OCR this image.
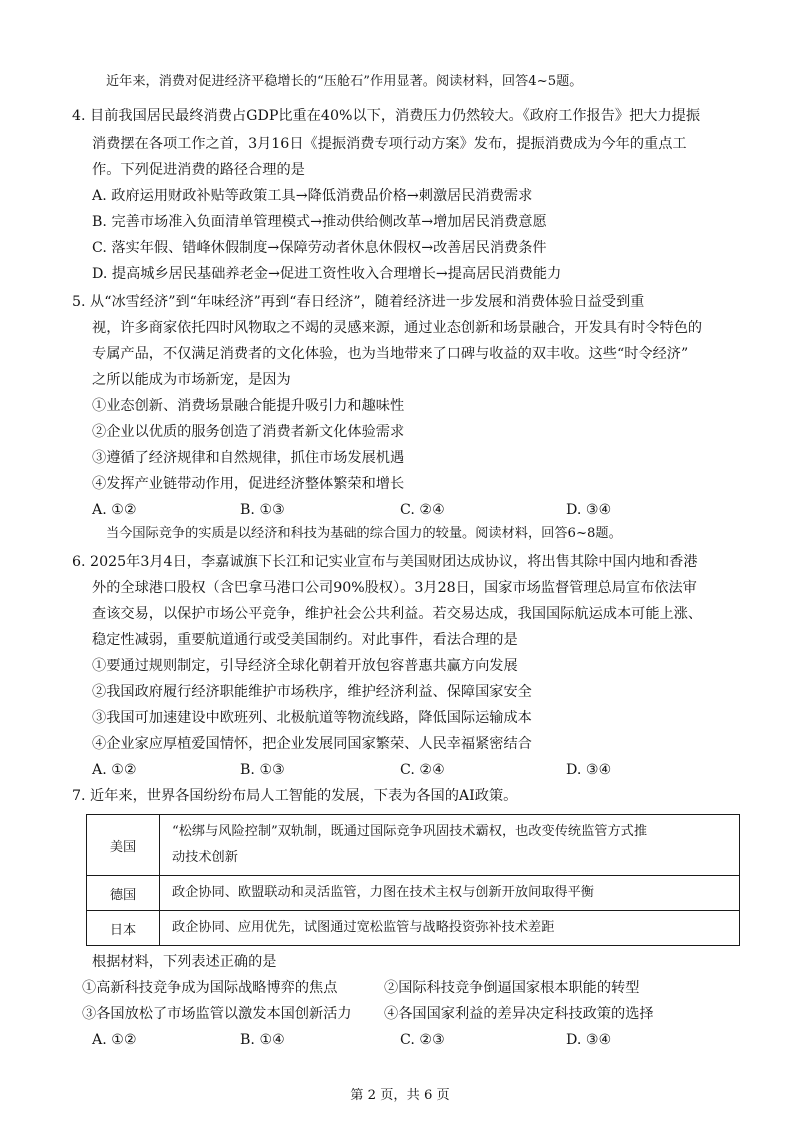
近年来，消费对促进经济平稳增长的“压舱石”作用显著。阅读材料，回答4~5题。
4. 目前我国居民最终消费占GDP比重在40%以下，消费压力仍然较大。《政府工作报告》把大力提振
消费摆在各项工作之首，3月16日《提振消费专项行动方案》发布，提振消费成为今年的重点工
作。下列促进消费的路径合理的是
A. 政府运用财政补贴等政策工具→降低消费品价格→刺激居民消费需求
B. 完善市场准入负面清单管理模式→推动供给侧改革→增加居民消费意愿
C. 落实年假、错峰休假制度→保障劳动者休息休假权→改善居民消费条件
D. 提高城乡居民基础养老金→促进工资性收入合理增长→提高居民消费能力
5. 从“冰雪经济”到“年味经济”再到“春日经济”，随着经济进一步发展和消费体验日益受到重
视，许多商家依托四时风物取之不竭的灵感来源，通过业态创新和场景融合，开发具有时令特色的
专属产品，不仅满足消费者的文化体验，也为当地带来了口碑与收益的双丰收。这些“时令经济”
之所以能成为市场新宠，是因为
①业态创新、消费场景融合能提升吸引力和趣味性
②企业以优质的服务创造了消费者新文化体验需求
③遵循了经济规律和自然规律，抓住市场发展机遇
④发挥产业链带动作用，促进经济整体繁荣和增长
A. ①②	B. ①③	C. ②④	D. ③④
当今国际竞争的实质是以经济和科技为基础的综合国力的较量。阅读材料，回答6~8题。
6. 2025年3月4日，李嘉诚旗下长江和记实业宣布与美国财团达成协议，将出售其除中国内地和香港
外的全球港口股权（含巴拿马港口公司90%股权）。3月28日，国家市场监督管理总局宣布依法审
查该交易，以保护市场公平竞争，维护社会公共利益。若交易达成，我国国际航运成本可能上涨、
稳定性减弱，重要航道通行或受美国制约。对此事件，看法合理的是
①要通过规则制定，引导经济全球化朝着开放包容普惠共赢方向发展
②我国政府履行经济职能维护市场秩序，维护经济利益、保障国家安全
③我国可加速建设中欧班列、北极航道等物流线路，降低国际运输成本
④企业家应厚植爱国情怀，把企业发展同国家繁荣、人民幸福紧密结合
A. ①②	B. ①③	C. ②④	D. ③④
7. 近年来，世界各国纷纷布局人工智能的发展，下表为各国的AI政策。
美国	“松绑与风险控制”双轨制，既通过国际竞争巩固技术霸权，也改变传统监管方式推
动技术创新

德国	政企协同、欧盟联动和灵活监管，力图在技术主权与创新开放间取得平衡
日本	政企协同、应用优先，试图通过宽松监管与战略投资弥补技术差距
根据材料，下列表述正确的是
①高新科技竞争成为国际战略博弈的焦点	②国际科技竞争倒逼国家根本职能的转型
③各国放松了市场监管以激发本国创新活力 ④各国国家利益的差异决定科技政策的选择
A. ①②	B. ①④	C. ②③	D. ③④
第 2 页，共 6 页
